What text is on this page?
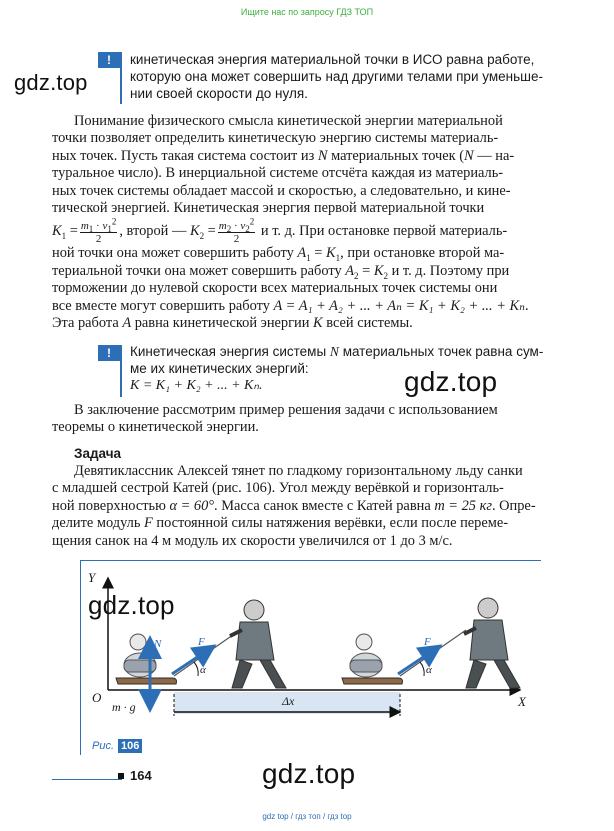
Ищите нас по запросу ГДЗ ТОП
gdz.top
gdz.top
gdz.top
gdz.top
!	кинетическая энергия материальной точки в ИСО равна работе,
которую она может совершить над другими телами при уменьше-
нии своей скорости до нуля.
Понимание физического смысла кинетической энергии материальной
точки позволяет определить кинетическую энергию системы материаль-
ных точек. Пусть такая система состоит из N материальных точек (N — на-
туральное число). В инерциальной системе отсчёта каждая из материаль-
ных точек системы обладает массой и скоростью, а следовательно, и кине-
тической энергией. Кинетическая энергия первой материальной точки
$K_1 = \frac{m_1 \cdot v_1^2}{2}$ , второй — $K_2 = \frac{m_2 \cdot v_2^2}{2}$ и т. д. При остановке первой материаль-
ной точки она может совершить работу $A_1 = K_1$, при остановке второй ма-
териальной точки она может совершить работу $A_2 = K_2$ и т. д. Поэтому при
торможении до нулевой скорости всех материальных точек системы они
все вместе могут совершить работу A = A₁ + A₂ + ... + Aₙ = K₁ + K₂ + ... + Kₙ.
Эта работа A равна кинетической энергии K всей системы.
!	Кинетическая энергия системы N материальных точек равна сум-
ме их кинетических энергий:
K = K₁ + K₂ + ... + Kₙ.
В заключение рассмотрим пример решения задачи с использованием
теоремы о кинетической энергии.
Задача
Девятиклассник Алексей тянет по гладкому горизонтальному льду санки
с младшей сестрой Катей (рис. 106). Угол между верёвкой и горизонталь-
ной поверхностью α = 60°. Масса санок вместе с Катей равна m = 25 кг. Опре-
делите модуль F постоянной силы натяжения верёвки, если после переме-
щения санок на 4 м модуль их скорости увеличился от 1 до 3 м/с.
Y
X
O
N	F	F
α	α
m · g	Δx
Рис. 106
164
gdz top / гдз топ / гдз top
